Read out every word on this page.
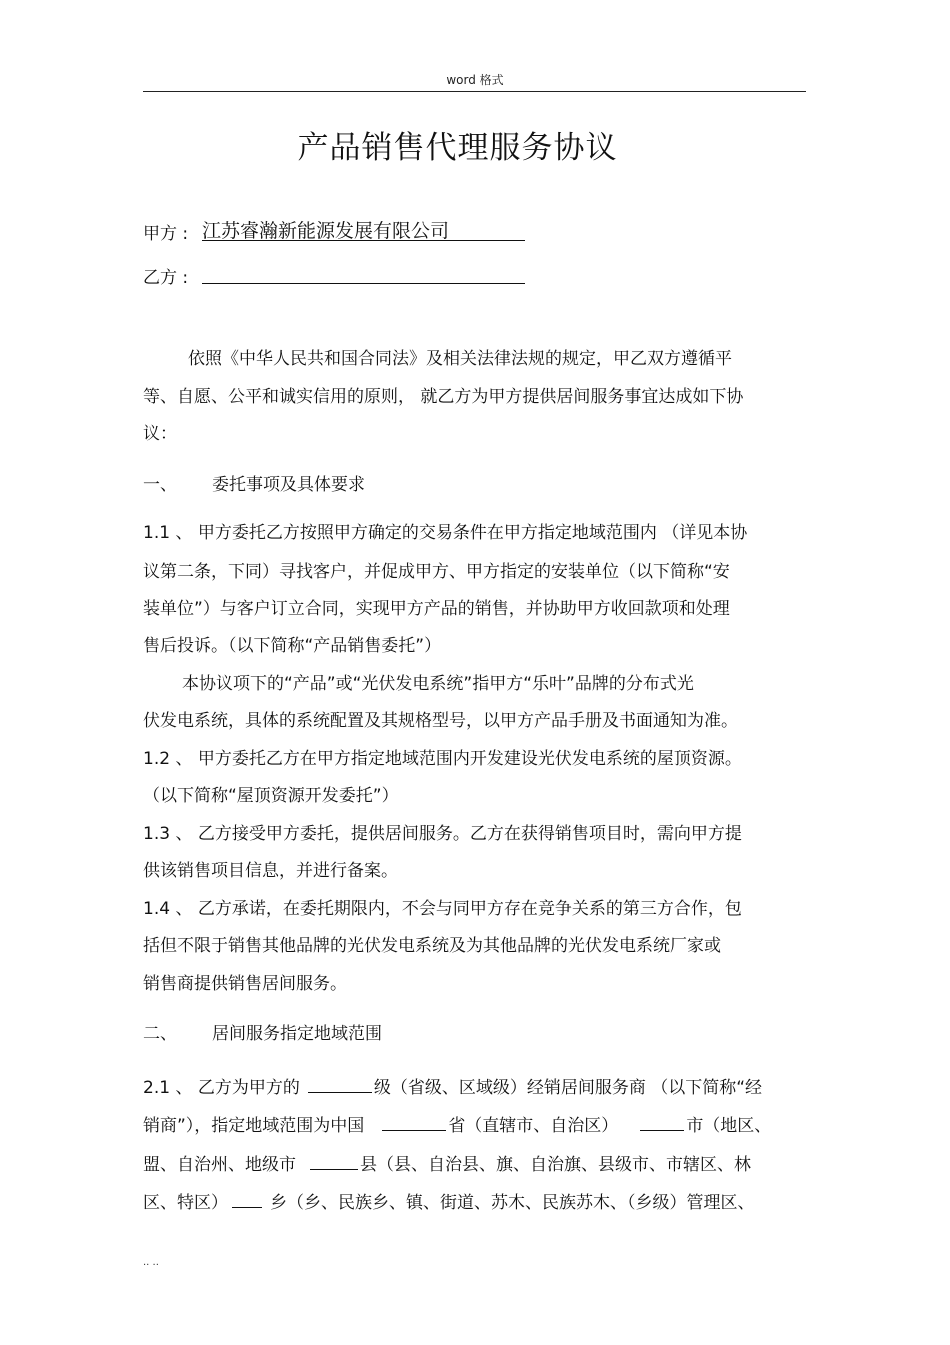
word 格式
产品销售代理服务协议
甲方 : 江苏睿瀚新能源发展有限公司
乙方 :
依照《中华人民共和国合同法》及相关法律法规的规定，甲乙双方遵循平
等、自愿、公平和诚实信用的原则， 就乙方为甲方提供居间服务事宜达成如下协
议：
一、 委托事项及具体要求
1.1 、 甲方委托乙方按照甲方确定的交易条件在甲方指定地域范围内 （详见本协
议第二条，下同）寻找客户，并促成甲方、甲方指定的安装单位（以下简称“安
装单位”）与客户订立合同，实现甲方产品的销售，并协助甲方收回款项和处理
售后投诉。（以下简称“产品销售委托”）
本协议项下的“产品”或“光伏发电系统”指甲方“乐叶”品牌的分布式光
伏发电系统，具体的系统配置及其规格型号，以甲方产品手册及书面通知为准。
1.2 、 甲方委托乙方在甲方指定地域范围内开发建设光伏发电系统的屋顶资源。
（以下简称“屋顶资源开发委托”）
1.3 、 乙方接受甲方委托，提供居间服务。乙方在获得销售项目时，需向甲方提
供该销售项目信息，并进行备案。
1.4 、 乙方承诺，在委托期限内，不会与同甲方存在竞争关系的第三方合作，包
括但不限于销售其他品牌的光伏发电系统及为其他品牌的光伏发电系统厂家或
销售商提供销售居间服务。
二、 居间服务指定地域范围
2.1 、 乙方为甲方的	级（省级、区域级）经销居间服务商 （以下简称“经
销商”），指定地域范围为中国	省（直辖市、自治区）	市（地区、
盟、自治州、地级市	县（县、自治县、旗、自治旗、县级市、市辖区、林
区、特区） 乡（乡、民族乡、镇、街道、苏木、民族苏木、（乡级）管理区、
.. ..
